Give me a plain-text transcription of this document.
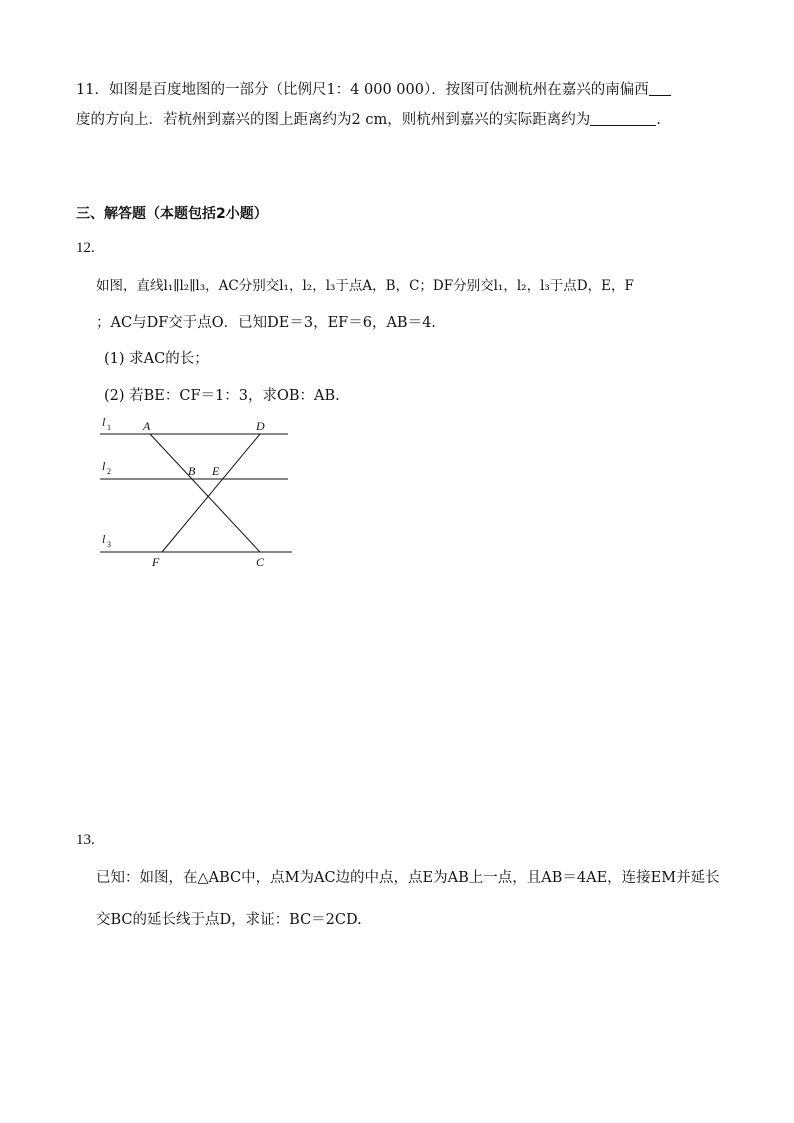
11．如图是百度地图的一部分（比例尺1：4 000 000）．按图可估测杭州在嘉兴的南偏西
度的方向上．若杭州到嘉兴的图上距离约为2 cm，则杭州到嘉兴的实际距离约为	.
三、解答题（本题包括2小题）
12.
如图，直线l₁∥l₂∥l₃，AC分别交l₁，l₂，l₃于点A，B，C；DF分别交l₁，l₂，l₃于点D，E，F
；AC与DF交于点O．已知DE＝3，EF＝6，AB＝4.
(1) 求AC的长；
(2) 若BE：CF＝1：3，求OB：AB.
l 1
l 2
l 3
A	D
B E
F	C
13.
已知：如图，在△ABC中，点M为AC边的中点，点E为AB上一点，且AB＝4AE，连接EM并延长
交BC的延长线于点D，求证：BC＝2CD.
